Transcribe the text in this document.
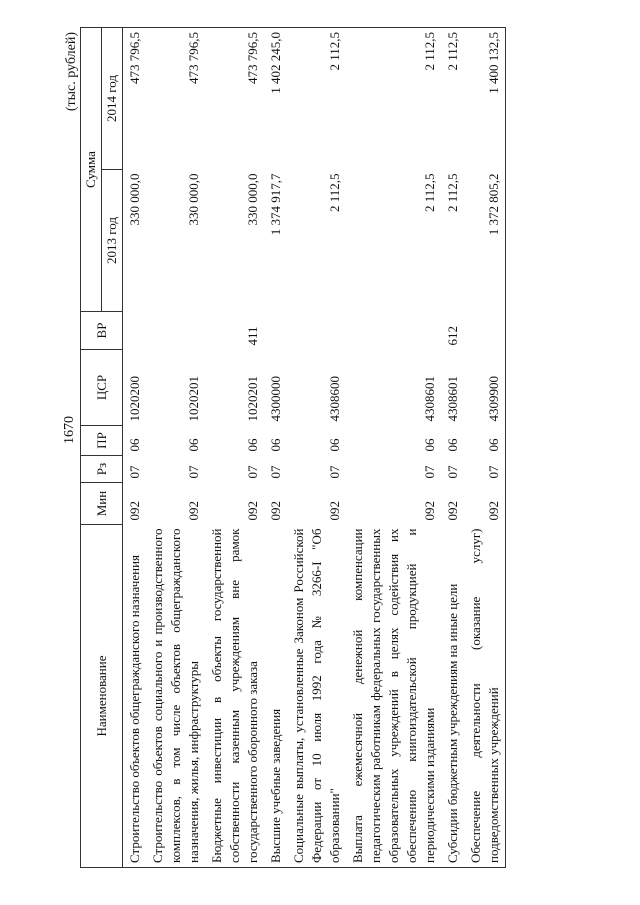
1670
(тыс. рублей)
Наименование	Мин	Рз	ПР	ЦСР	ВР	Сумма	
						2013 год	2014 год
Строительство объектов общегражданского назначения	092	07	06	1020200		330 000,0	473 796,5
Строительство объектов социального и производственного комплексов, в том числе объектов общегражданского назначения, жилья, инфраструктуры	092	07	06	1020201		330 000,0	473 796,5
Бюджетные инвестиции в объекты государственной собственности казенным учреждениям вне рамок государственного оборонного заказа	092	07	06	1020201	411	330 000,0	473 796,5
Высшие учебные заведения	092	07	06	4300000		1 374 917,7	1 402 245,0
Социальные выплаты, установленные Законом Российской Федерации от 10 июля 1992 года № 3266-I "Об образовании"	092	07	06	4308600		2 112,5	2 112,5
Выплата ежемесячной денежной компенсации педагогическим работникам федеральных государственных образовательных учреждений в целях содействия их обеспечению книгоиздательской продукцией и периодическими изданиями	092	07	06	4308601		2 112,5	2 112,5
Субсидии бюджетным учреждениям на иные цели	092	07	06	4308601	612	2 112,5	2 112,5
Обеспечение деятельности (оказание услуг) подведомственных учреждений	092	07	06	4309900		1 372 805,2	1 400 132,5
